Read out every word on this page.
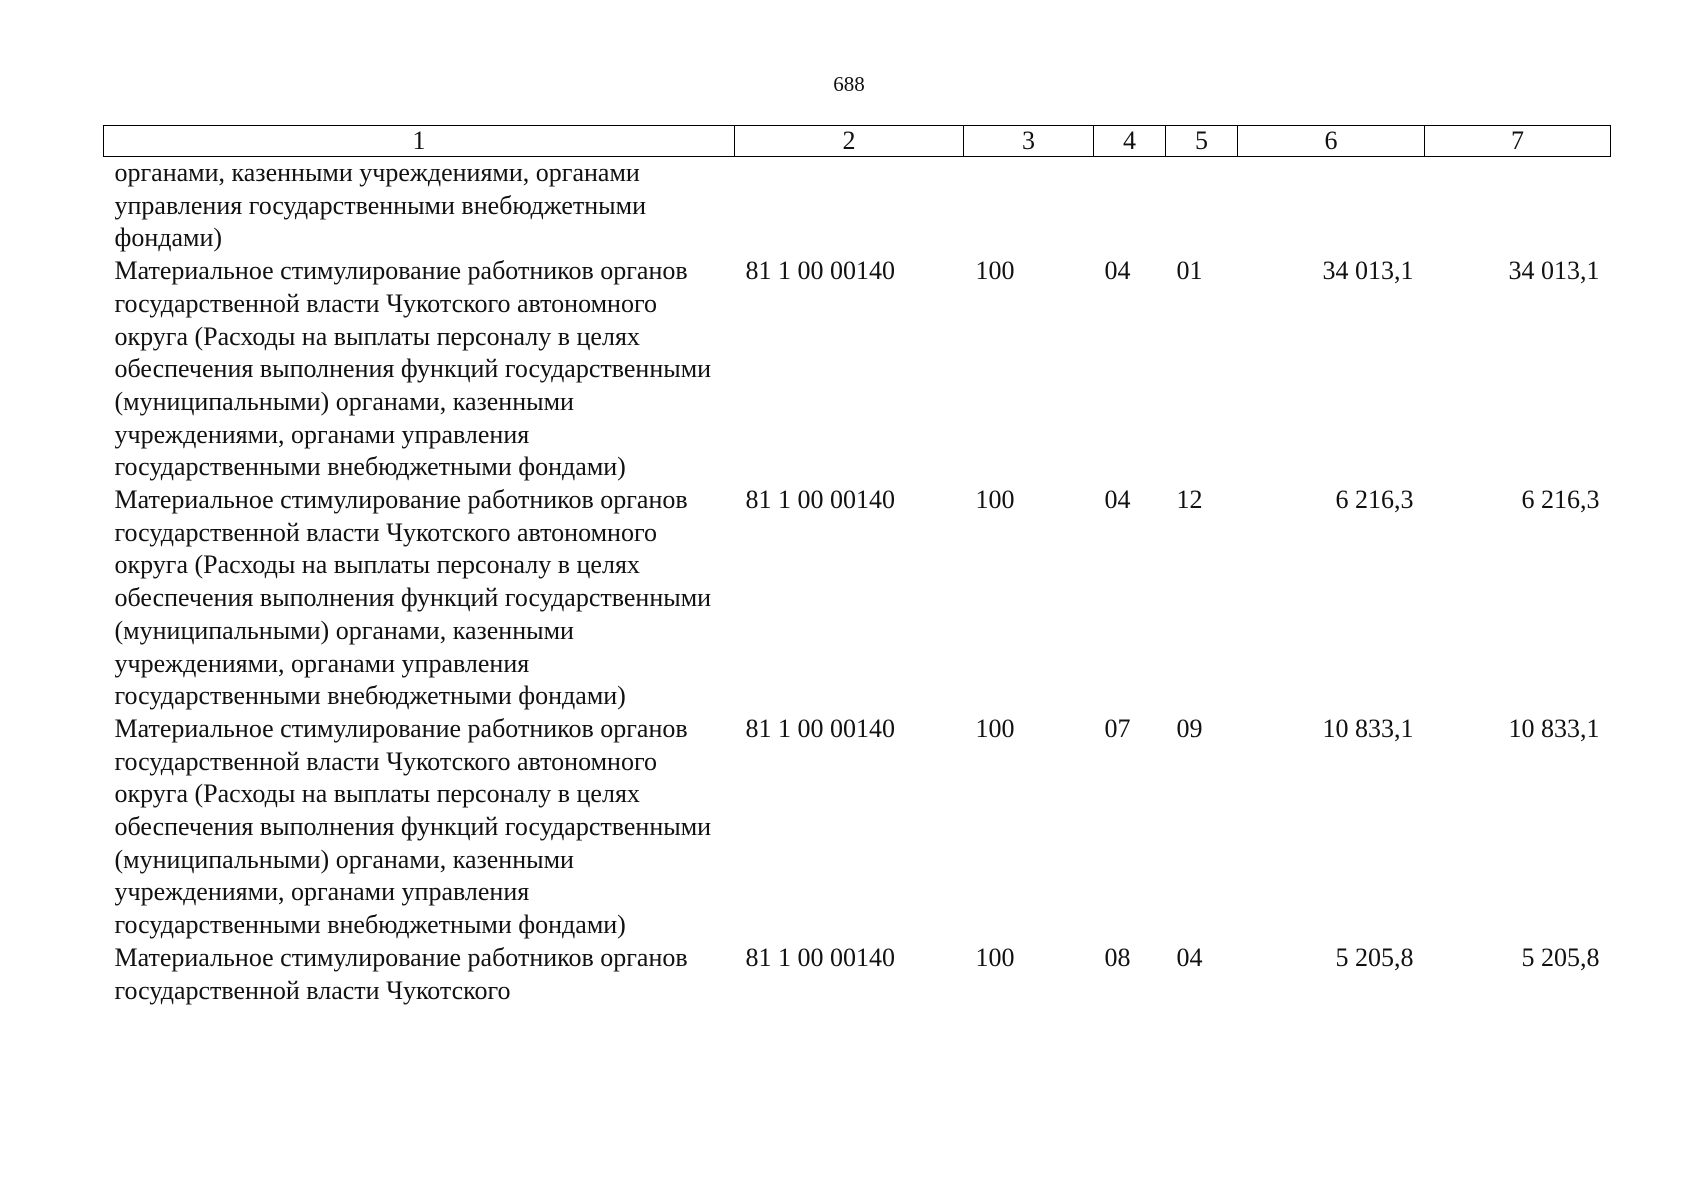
688
1	2	3	4	5	6	7
органами, казенными учреждениями, органами управления государственными внебюджетными фондами)						
Материальное стимулирование работников органов государственной власти Чукотского автономного округа (Расходы на выплаты персоналу в целях обеспечения выполнения функций государственными (муниципальными) органами, казенными учреждениями, органами управления государственными внебюджетными фондами)	81 1 00 00140	100	04	01	34 013,1	34 013,1
Материальное стимулирование работников органов государственной власти Чукотского автономного округа (Расходы на выплаты персоналу в целях обеспечения выполнения функций государственными (муниципальными) органами, казенными учреждениями, органами управления государственными внебюджетными фондами)	81 1 00 00140	100	04	12	6 216,3	6 216,3
Материальное стимулирование работников органов государственной власти Чукотского автономного округа (Расходы на выплаты персоналу в целях обеспечения выполнения функций государственными (муниципальными) органами, казенными учреждениями, органами управления государственными внебюджетными фондами)	81 1 00 00140	100	07	09	10 833,1	10 833,1
Материальное стимулирование работников органов государственной власти Чукотского	81 1 00 00140	100	08	04	5 205,8	5 205,8
